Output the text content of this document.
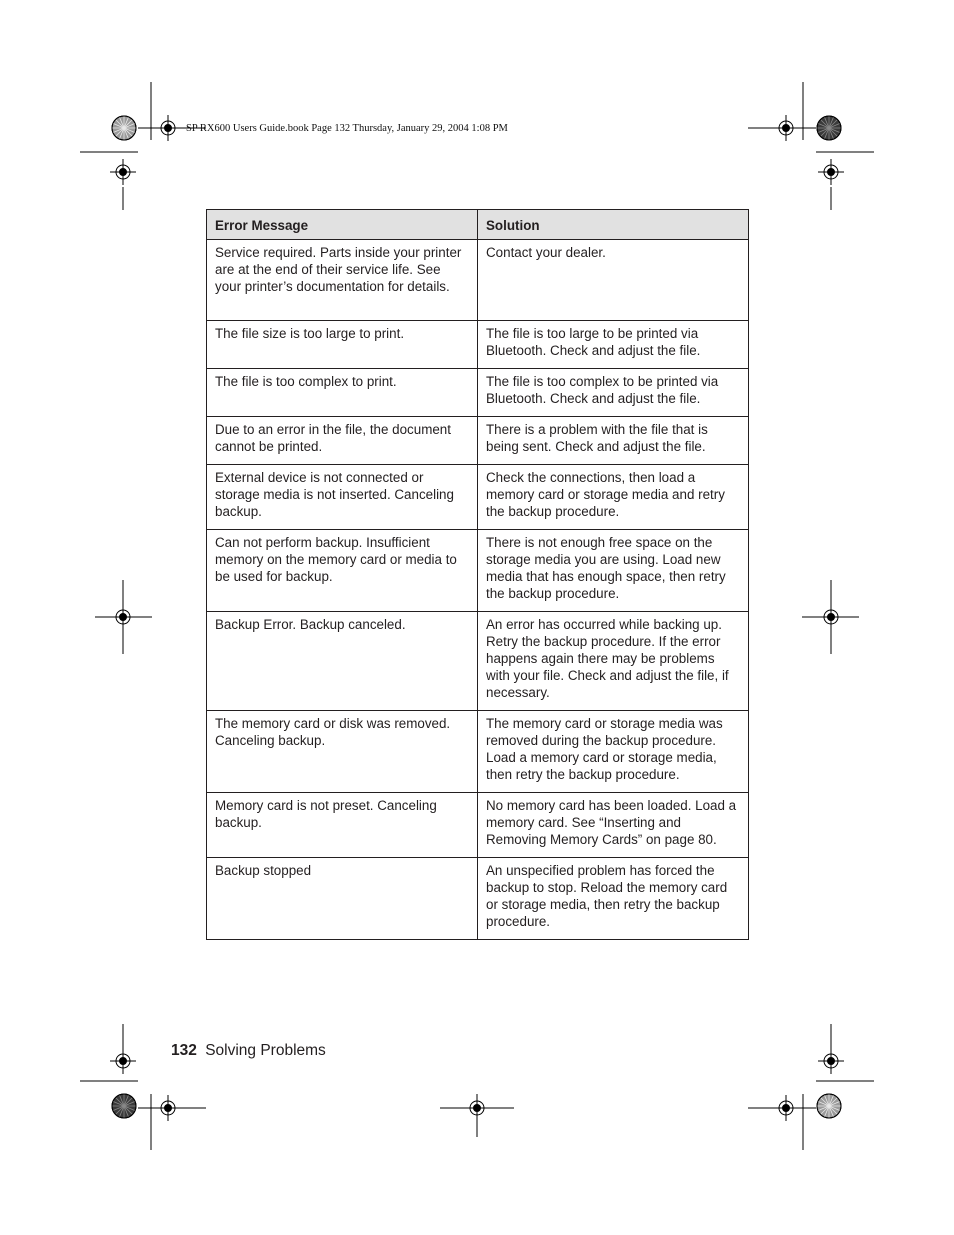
SP RX600 Users Guide.book Page 132 Thursday, January 29, 2004 1:08 PM
Error Message	Solution
Service required. Parts inside your printer are at the end of their service life. See your printer’s documentation for details.	Contact your dealer.
The file size is too large to print.	The file is too large to be printed via Bluetooth. Check and adjust the file.
The file is too complex to print.	The file is too complex to be printed via Bluetooth. Check and adjust the file.
Due to an error in the file, the document cannot be printed.	There is a problem with the file that is being sent. Check and adjust the file.
External device is not connected or storage media is not inserted. Canceling backup.	Check the connections, then load a memory card or storage media and retry the backup procedure.
Can not perform backup. Insufficient memory on the memory card or media to be used for backup.	There is not enough free space on the storage media you are using. Load new media that has enough space, then retry the backup procedure.
Backup Error. Backup canceled.	An error has occurred while backing up. Retry the backup procedure. If the error happens again there may be problems with your file. Check and adjust the file, if necessary.
The memory card or disk was removed. Canceling backup.	The memory card or storage media was removed during the backup procedure. Load a memory card or storage media, then retry the backup procedure.
Memory card is not preset. Canceling backup.	No memory card has been loaded. Load a memory card. See “Inserting and Removing Memory Cards” on page 80.
Backup stopped	An unspecified problem has forced the backup to stop. Reload the memory card or storage media, then retry the backup procedure.
132 Solving Problems
